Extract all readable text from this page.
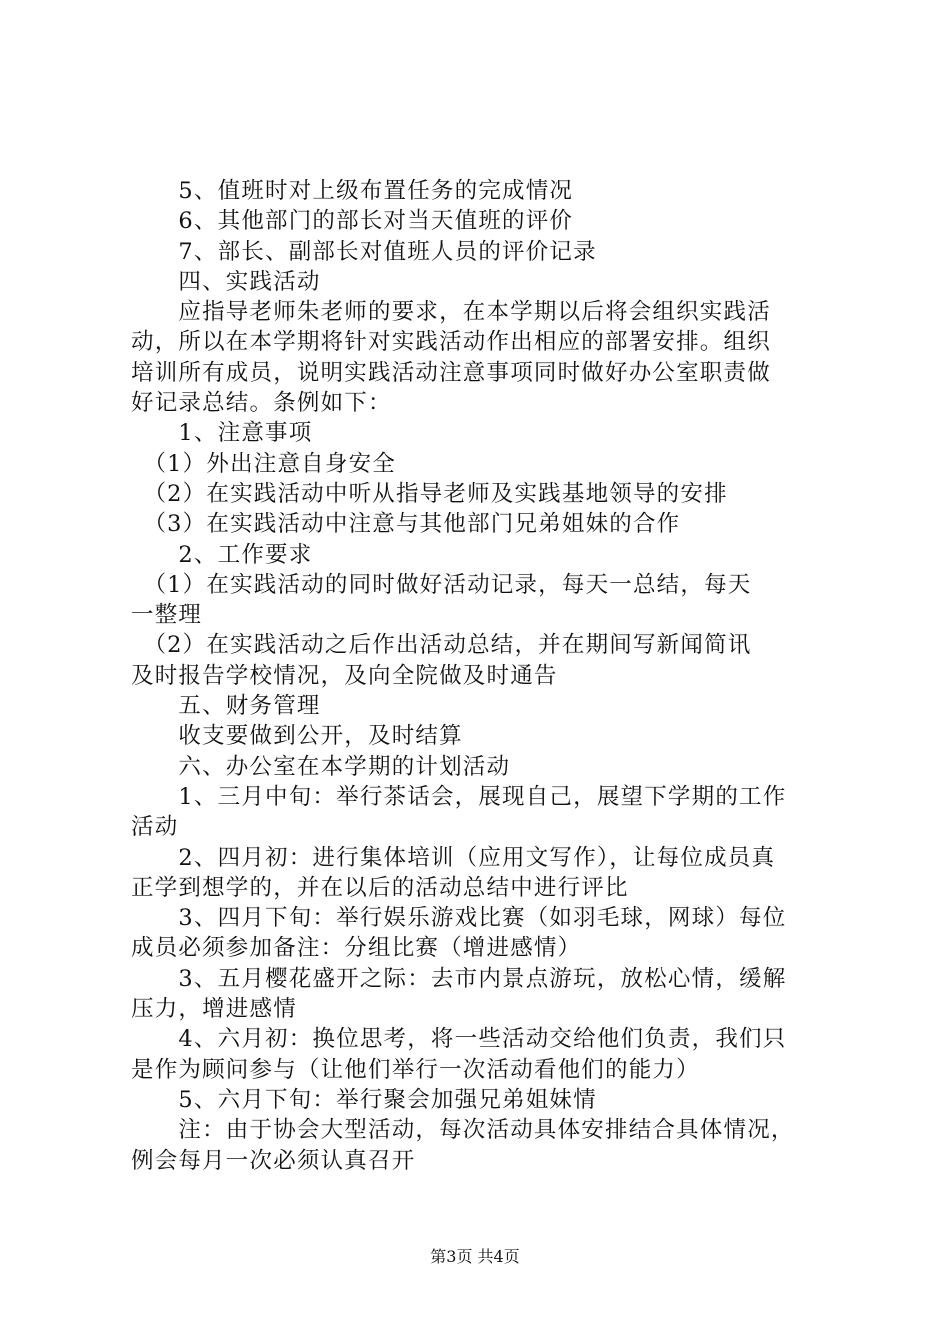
　　5、值班时对上级布置任务的完成情况
　　6、其他部门的部长对当天值班的评价
　　7、部长、副部长对值班人员的评价记录
　　四、实践活动
　　应指导老师朱老师的要求，在本学期以后将会组织实践活
动，所以在本学期将针对实践活动作出相应的部署安排。组织
培训所有成员，说明实践活动注意事项同时做好办公室职责做
好记录总结。条例如下：
　　1、注意事项
　（1）外出注意自身安全
　（2）在实践活动中听从指导老师及实践基地领导的安排
　（3）在实践活动中注意与其他部门兄弟姐妹的合作
　　2、工作要求
　（1）在实践活动的同时做好活动记录，每天一总结，每天
一整理
　（2）在实践活动之后作出活动总结，并在期间写新闻简讯
及时报告学校情况，及向全院做及时通告
　　五、财务管理
　　收支要做到公开，及时结算
　　六、办公室在本学期的计划活动
　　1、三月中旬：举行茶话会，展现自己，展望下学期的工作
活动
　　2、四月初：进行集体培训（应用文写作），让每位成员真
正学到想学的，并在以后的活动总结中进行评比
　　3、四月下旬：举行娱乐游戏比赛（如羽毛球，网球）每位
成员必须参加备注：分组比赛（增进感情）
　　3、五月樱花盛开之际：去市内景点游玩，放松心情，缓解
压力，增进感情
　　4、六月初：换位思考，将一些活动交给他们负责，我们只
是作为顾问参与（让他们举行一次活动看他们的能力）
　　5、六月下旬：举行聚会加强兄弟姐妹情
　　注：由于协会大型活动，每次活动具体安排结合具体情况，
例会每月一次必须认真召开
第3页 共4页
